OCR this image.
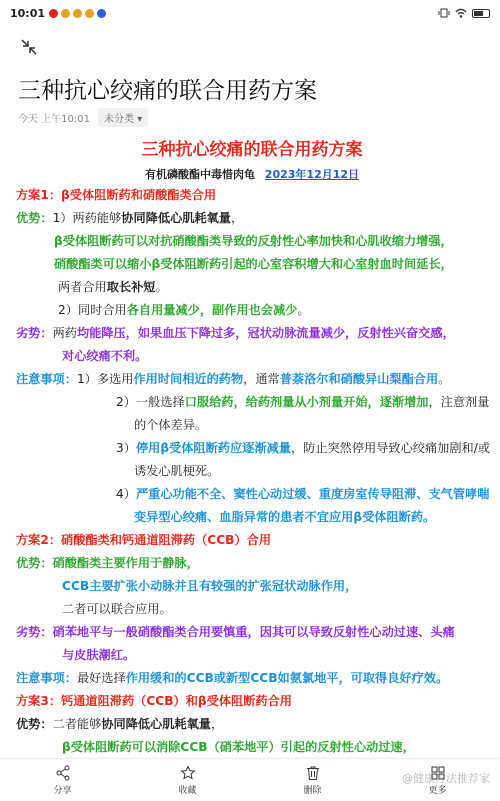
10:01
三种抗心绞痛的联合用药方案
今天 上午10:01	未分类 ▾
三种抗心绞痛的联合用药方案
有机磷酸酯中毒惜肉龟 2023年12月12日
方案1：β受体阻断药和硝酸酯类合用
优势：1）两药能够协同降低心肌耗氧量，
β受体阻断药可以对抗硝酸酯类导致的反射性心率加快和心肌收缩力增强，
硝酸酯类可以缩小β受体阻断药引起的心室容积增大和心室射血时间延长，
两者合用取长补短。
2）同时合用各自用量减少，副作用也会减少。
劣势：两药均能降压，如果血压下降过多，冠状动脉流量减少，反射性兴奋交感，
对心绞痛不利。
注意事项：1）多选用作用时间相近的药物，通常普萘洛尔和硝酸异山梨酯合用。
2）一般选择口服给药，给药剂量从小剂量开始，逐渐增加，注意剂量
的个体差异。
3）停用β受体阻断药应逐渐减量，防止突然停用导致心绞痛加剧和/或
诱发心肌梗死。
4）严重心功能不全、窦性心动过缓、重度房室传导阻滞、支气管哮喘
变异型心绞痛、血脂异常的患者不宜应用β受体阻断药。
方案2：硝酸酯类和钙通道阻滞药（CCB）合用
优势：硝酸酯类主要作用于静脉，
CCB主要扩张小动脉并且有较强的扩张冠状动脉作用，
二者可以联合应用。
劣势：硝苯地平与一般硝酸酯类合用要慎重，因其可以导致反射性心动过速、头痛
与皮肤潮红。
注意事项：最好选择作用缓和的CCB或新型CCB如氨氯地平，可取得良好疗效。
方案3：钙通道阻滞药（CCB）和β受体阻断药合用
优势：二者能够协同降低心肌耗氧量，
β受体阻断药可以消除CCB（硝苯地平）引起的反射性心动过速，
分享	收藏	删除	更多
@健康方法推荐家
